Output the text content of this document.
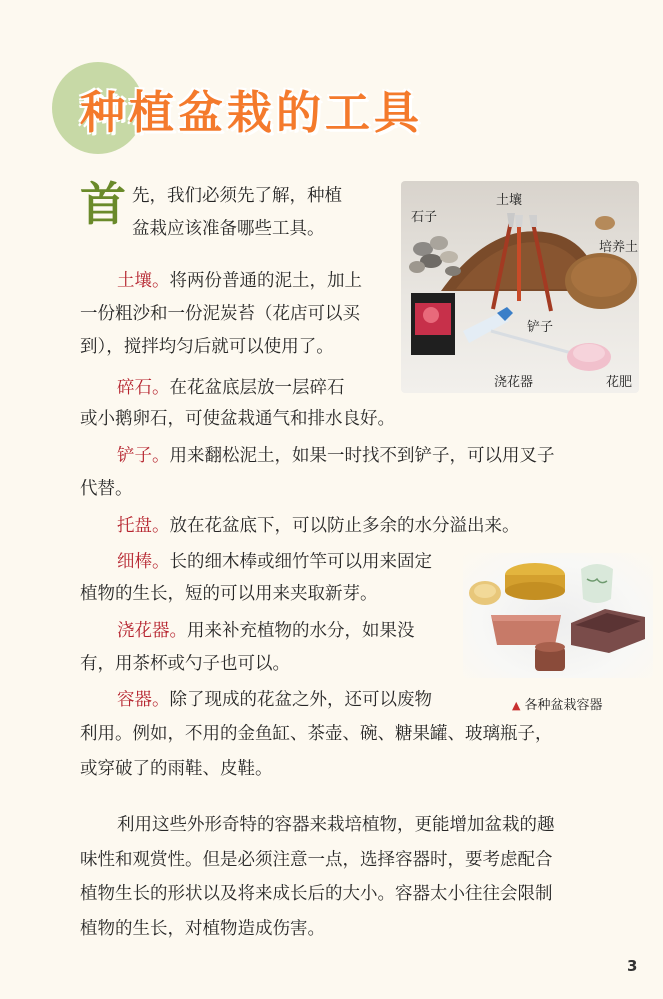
种植盆栽的工具
首 先，我们必须先了解，种植
盆栽应该准备哪些工具。
土壤。将两份普通的泥土，加上
一份粗沙和一份泥炭苔（花店可以买
到），搅拌均匀后就可以使用了。
碎石。在花盆底层放一层碎石
或小鹅卵石，可使盆栽通气和排水良好。
铲子。用来翻松泥土，如果一时找不到铲子，可以用叉子
代替。
托盘。放在花盆底下，可以防止多余的水分溢出来。
细棒。长的细木棒或细竹竿可以用来固定
植物的生长，短的可以用来夹取新芽。
浇花器。用来补充植物的水分，如果没
有，用茶杯或勺子也可以。
容器。除了现成的花盆之外，还可以废物
利用。例如，不用的金鱼缸、茶壶、碗、糖果罐、玻璃瓶子，
或穿破了的雨鞋、皮鞋。
利用这些外形奇特的容器来栽培植物，更能增加盆栽的趣
味性和观赏性。但是必须注意一点，选择容器时，要考虑配合
植物生长的形状以及将来成长后的大小。容器太小往往会限制
植物的生长，对植物造成伤害。
石子
土壤
培养土
铲子
浇花器	花肥
▲ 各种盆栽容器
3
